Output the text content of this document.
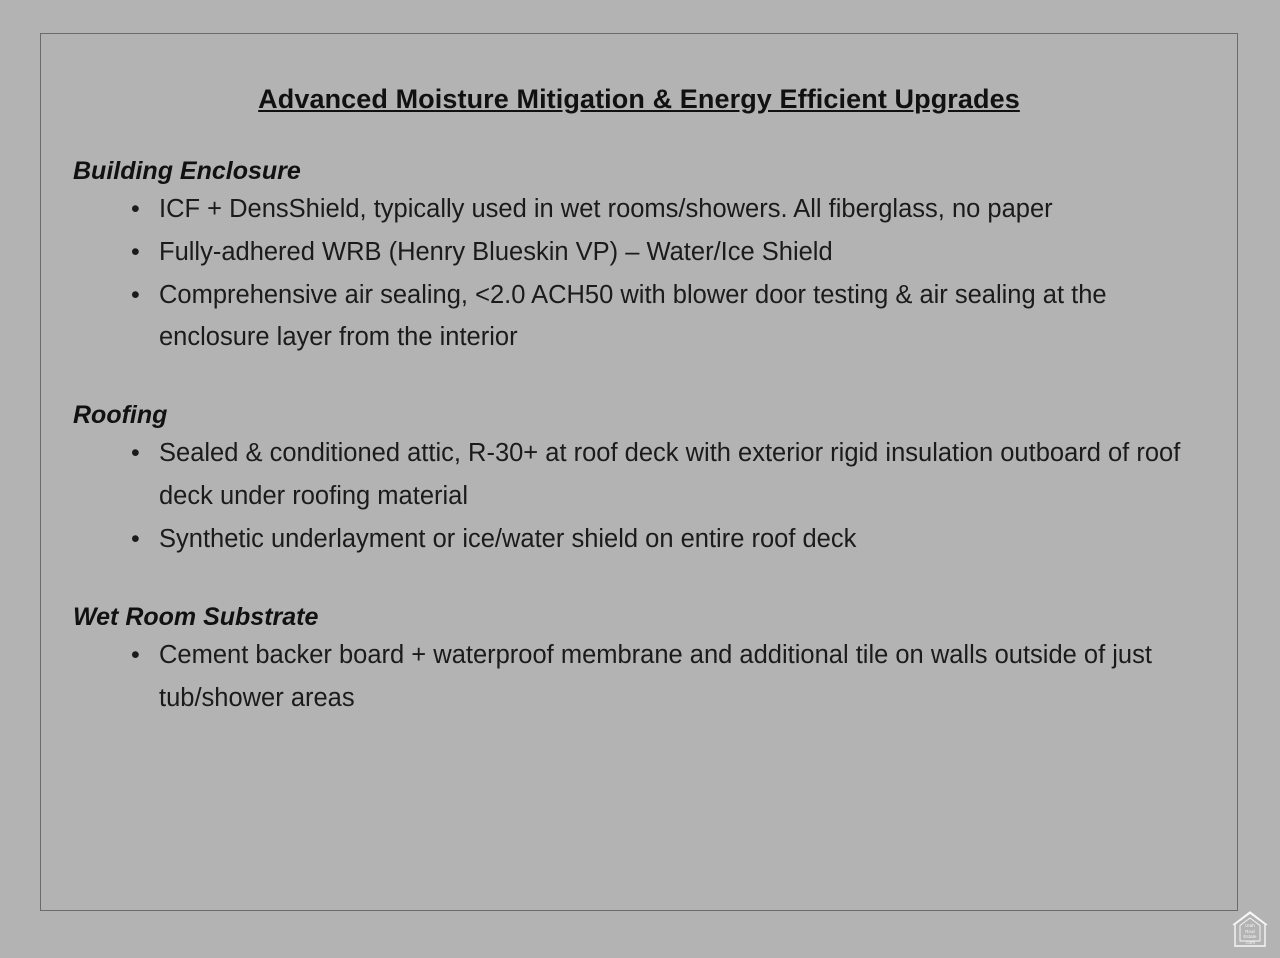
Advanced Moisture Mitigation & Energy Efficient Upgrades
Building Enclosure
• ICF + DensShield, typically used in wet rooms/showers. All fiberglass, no paper
• Fully-adhered WRB (Henry Blueskin VP) – Water/Ice Shield
• Comprehensive air sealing, <2.0 ACH50 with blower door testing & air sealing at the enclosure layer from the interior
Roofing
• Sealed & conditioned attic, R-30+ at roof deck with exterior rigid insulation outboard of roof deck under roofing material
• Synthetic underlayment or ice/water shield on entire roof deck
Wet Room Substrate
• Cement backer board + waterproof membrane and additional tile on walls outside of just tub/shower areas
Utah
Real
Estate
.com
